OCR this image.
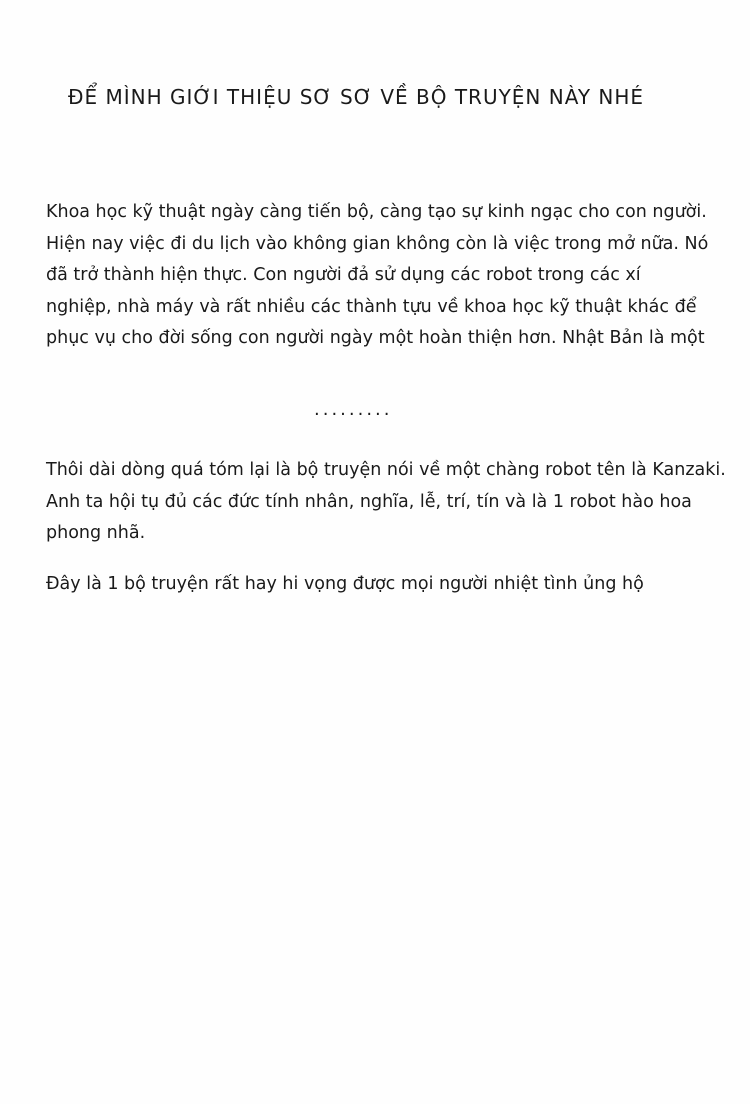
ĐỂ MÌNH GIỚI THIỆU SƠ SƠ VỀ BỘ TRUYỆN NÀY NHÉ

Khoa học kỹ thuật ngày càng tiến bộ, càng tạo sự kinh ngạc cho con người.
Hiện nay việc đi du lịch vào không gian không còn là việc trong mở nữa. Nó
đã trở thành hiện thực. Con người đả sử dụng các robot trong các xí
nghiệp, nhà máy và rất nhiều các thành tựu về khoa học kỹ thuật khác để
phục vụ cho đời sống con người ngày một hoàn thiện hơn. Nhật Bản là một

.........

Thôi dài dòng quá tóm lại là bộ truyện nói về một chàng robot tên là Kanzaki.
Anh ta hội tụ đủ các đức tính nhân, nghĩa, lễ, trí, tín và là 1 robot hào hoa
phong nhã.

Đây là 1 bộ truyện rất hay hi vọng được mọi người nhiệt tình ủng hộ
